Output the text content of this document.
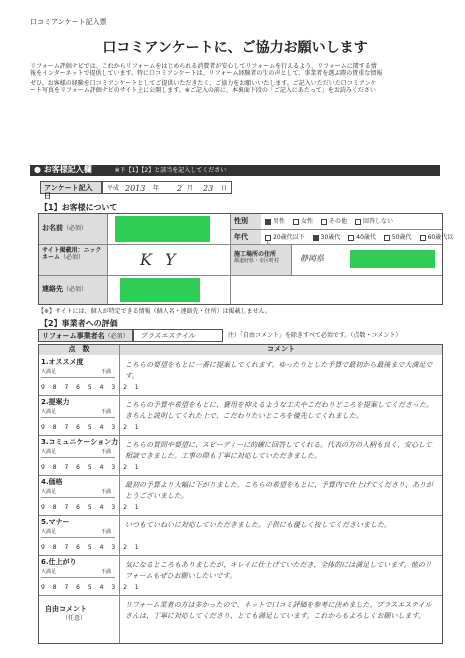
口コミアンケート記入票
口コミアンケートに、ご協力お願いします
リフォーム評価ナビでは、これからリフォームをはじめられる消費者が安心してリフォームを行えるよう、リフォームに関する情
報をインターネットで提供しています。特に口コミアンケートは、リフォーム経験者の生の声として、事業者を選ぶ際の貴重な情報
ゼひ、お客様の経験を口コミアンケートとしてご提供いただきたく、ご協力をお願いいたします。ご記入いただいた口コミアンケ
ート写真をリフォーム評価ナビのサイト上に公開します。※ご記入の前に、本裏面下段の「ご記入にあたって」をお読みください
● お客様記入欄	※下【1】【2】と該当を記入してください
アンケート記入日
平成 2013 年 2 月 23 日
【1】お客様について
お名前（必須）
性別	男性	女性	その他	回答しない
年代	20歳代以下	30歳代	40歳代	50歳代	60歳代以
サイト掲載用：ニックネーム（必須）	K Y	施工場所の住所
都道府県・市区町村	静岡県
連絡先（必須）
【※】サイトには、個人が特定できる情報（個人名・連絡先・住所）は掲載しません。
【2】事業者への評価
リフォーム事業者名（必須）	プラスエステイル	注）「自由コメント」を除きすべて必須です。（点数・コメント）
点　数	コメント
1.オススメ度
大満足	不満
9 8 7 6 5 4 3 2 1
こちらの要望をもとに一番に提案してくれます。ゆったりとした予算で最初から最後まで大満足です。
2.提案力
大満足	不満
9 8 7 6 5 4 3 2 1
こちらの予算や希望をもとに、費用を抑えるような工夫やこだわりどころを提案してくださった。きちんと説明してくれた上で、こだわりたいところを優先してくれました。
3.コミュニケーション力
大満足	不満
9 8 7 6 5 4 3 2 1
こちらの質問や要望に、スピーディーに的確に回答してくれる。代表の方の人柄も良く、安心して相談できました。工事の際も丁寧に対応していただきました。
4.価格
大満足	不満
9 8 7 6 5 4 3 2 1
最初の予算より大幅に下がりました。こちらの希望をもとに、予算内で仕上げてくださり、ありがとうございました。
5.マナー
大満足	不満
9 8 7 6 5 4 3 2 1
いつもていねいに対応していただきました。子供にも優しく接してくださいました。
6.仕上がり
大満足	不満
9 8 7 6 5 4 3 2 1
気になるところもありましたが、キレイに仕上げていただき、全体的には満足しています。他のリフォームもぜひお願いしたいです。
自由コメント
（任意）
リフォーム業者の方は多かったので、ネットで口コミ評価を参考に決めました。プラスエステイルさんは、丁寧に対応してくださり、とても満足しています。これからもよろしくお願いします。
